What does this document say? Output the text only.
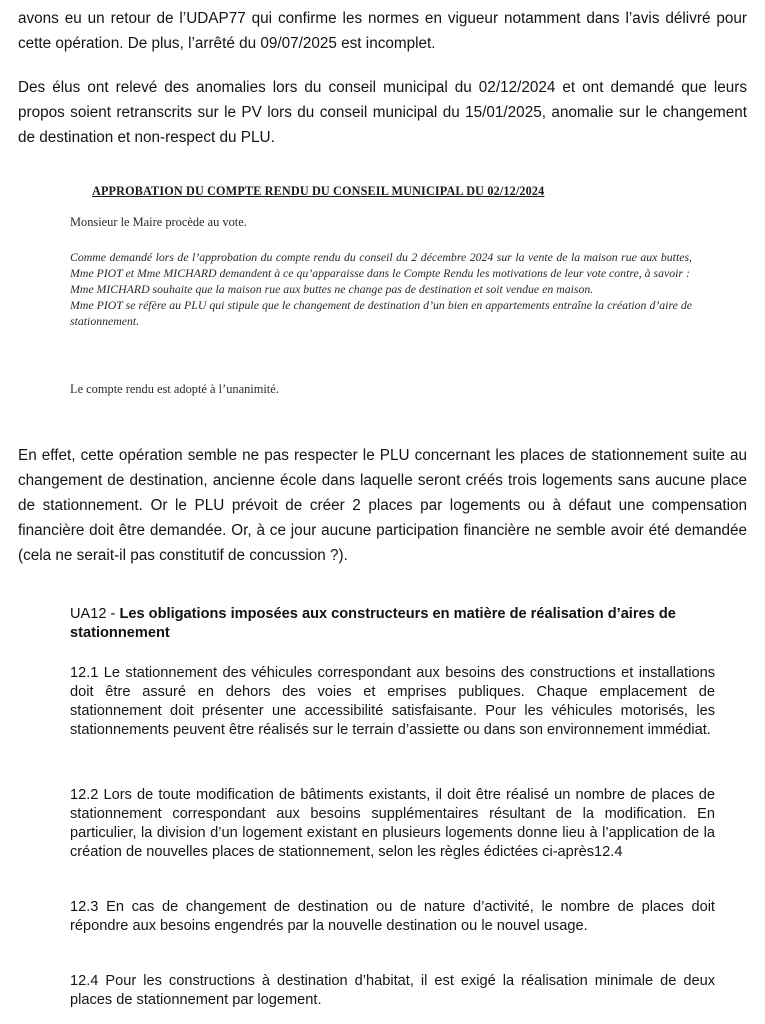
avons eu un retour de l’UDAP77 qui confirme les normes en vigueur notamment dans l’avis délivré pour cette opération. De plus, l’arrêté du 09/07/2025 est incomplet.

Des élus ont relevé des anomalies lors du conseil municipal du 02/12/2024 et ont demandé que leurs propos soient retranscrits sur le PV lors du conseil municipal du 15/01/2025, anomalie sur le changement de destination et non-respect du PLU.

APPROBATION DU COMPTE RENDU DU CONSEIL MUNICIPAL DU 02/12/2024
Monsieur le Maire procède au vote.
Comme demandé lors de l’approbation du compte rendu du conseil du 2 décembre 2024 sur la vente de la maison rue aux buttes, Mme PIOT et Mme MICHARD demandent à ce qu’apparaisse dans le Compte Rendu les motivations de leur vote contre, à savoir :
Mme MICHARD souhaite que la maison rue aux buttes ne change pas de destination et soit vendue en maison.
Mme PIOT se réfère au PLU qui stipule que le changement de destination d’un bien en appartements entraîne la création d’aire de stationnement.
Le compte rendu est adopté à l’unanimité.

En effet, cette opération semble ne pas respecter le PLU concernant les places de stationnement suite au changement de destination, ancienne école dans laquelle seront créés trois logements sans aucune place de stationnement. Or le PLU prévoit de créer 2 places par logements ou à défaut une compensation financière doit être demandée. Or, à ce jour aucune participation financière ne semble avoir été demandée (cela ne serait-il pas constitutif de concussion ?).

UA12 - Les obligations imposées aux constructeurs en matière de réalisation d’aires de stationnement

12.1 Le stationnement des véhicules correspondant aux besoins des constructions et installations doit être assuré en dehors des voies et emprises publiques. Chaque emplacement de stationnement doit présenter une accessibilité satisfaisante. Pour les véhicules motorisés, les stationnements peuvent être réalisés sur le terrain d’assiette ou dans son environnement immédiat.

12.2 Lors de toute modification de bâtiments existants, il doit être réalisé un nombre de places de stationnement correspondant aux besoins supplémentaires résultant de la modification. En particulier, la division d’un logement existant en plusieurs logements donne lieu à l’application de la création de nouvelles places de stationnement, selon les règles édictées ci-après12.4

12.3 En cas de changement de destination ou de nature d’activité, le nombre de places doit répondre aux besoins engendrés par la nouvelle destination ou le nouvel usage.

12.4 Pour les constructions à destination d’habitat, il est exigé la réalisation minimale de deux places de stationnement par logement.
